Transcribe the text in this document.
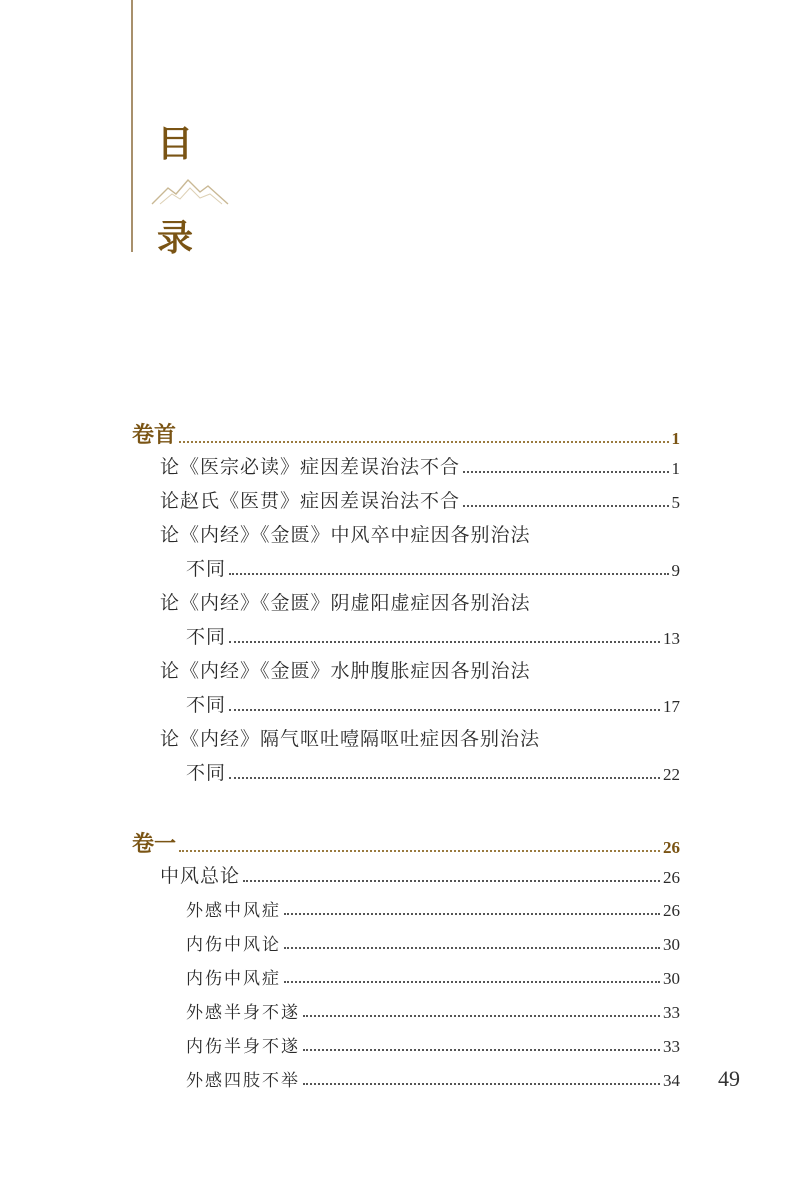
目
录
卷首	1
论《医宗必读》症因差误治法不合	1
论赵氏《医贯》症因差误治法不合	5
论《内经》《金匮》中风卒中症因各别治法
不同	9
论《内经》《金匮》阴虚阳虚症因各别治法
不同	13
论《内经》《金匮》水肿腹胀症因各别治法
不同	17
论《内经》隔气呕吐噎隔呕吐症因各别治法
不同	22
卷一	26
中风总论	26
外感中风症	26
内伤中风论	30
内伤中风症	30
外感半身不遂	33
内伤半身不遂	33
外感四肢不举	34 49
